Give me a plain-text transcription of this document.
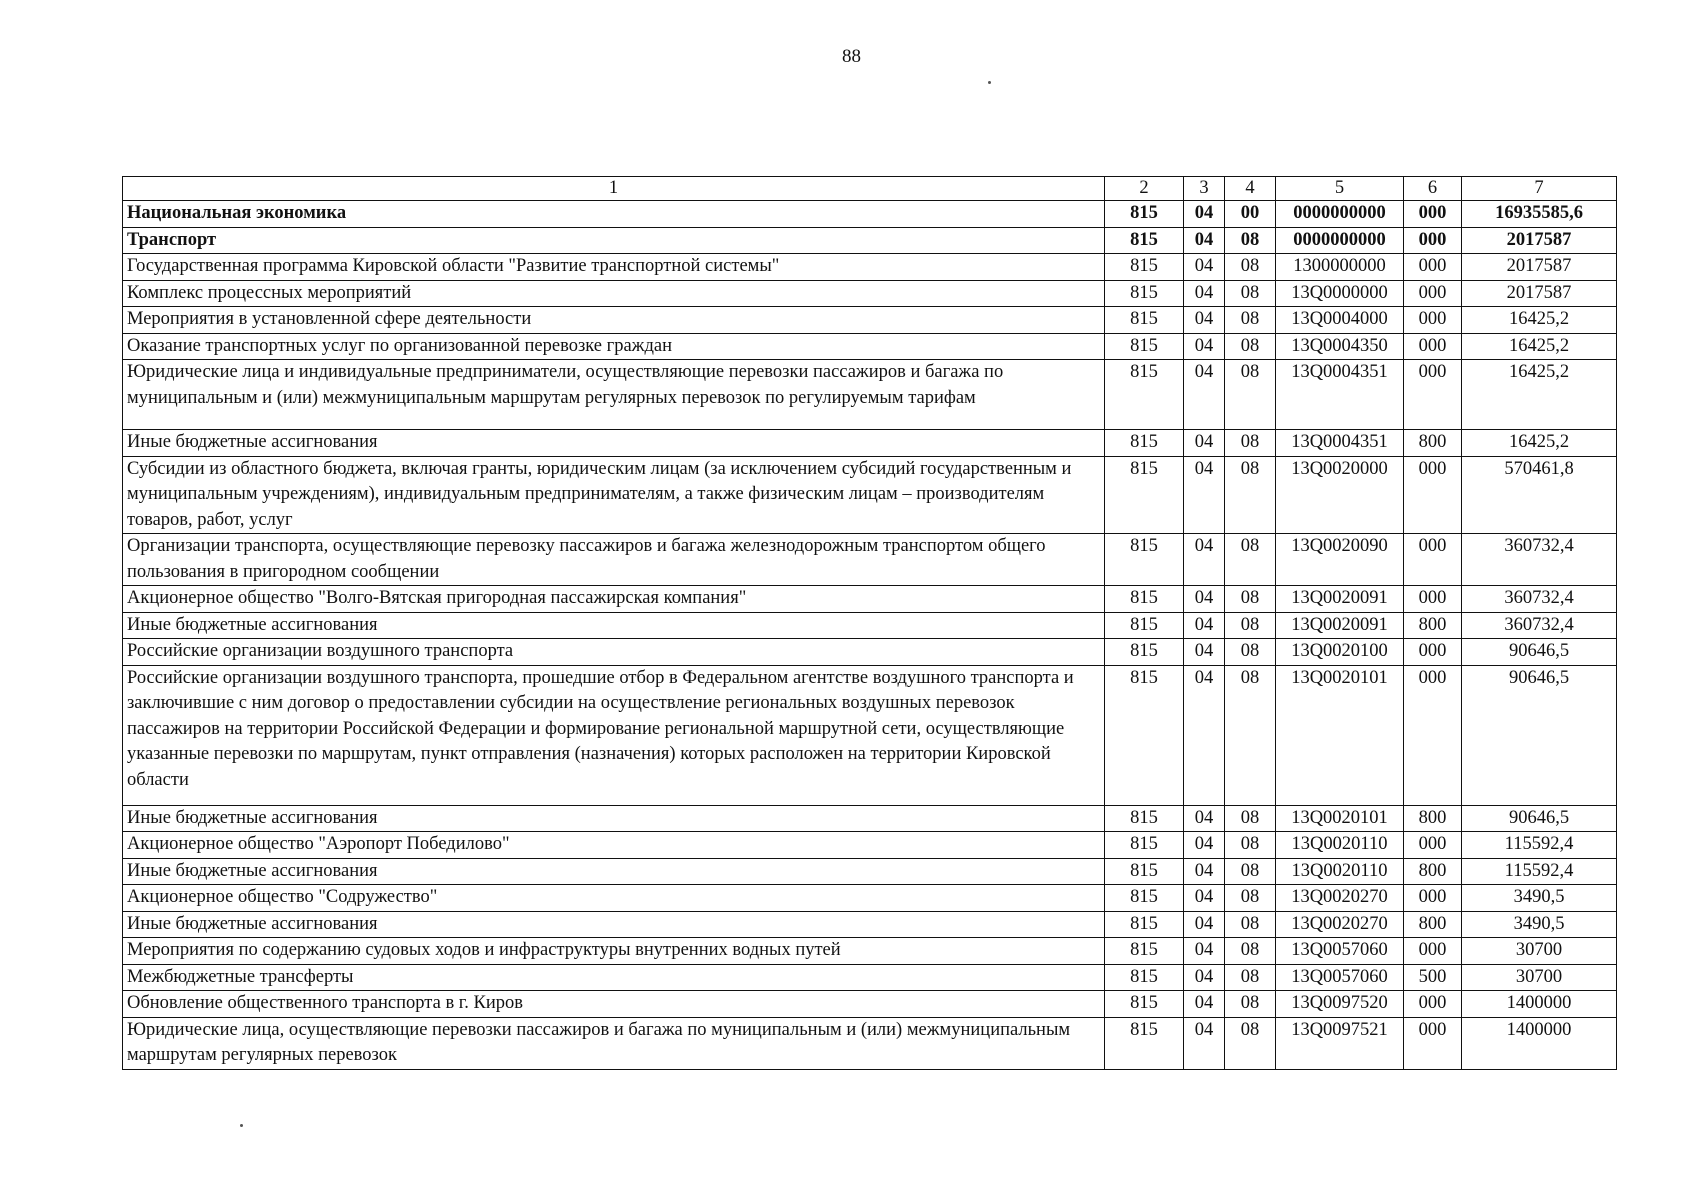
88
1	2	3	4	5	6	7
Национальная экономика	815	04	00	0000000000	000	16935585,6
Транспорт	815	04	08	0000000000	000	2017587
Государственная программа Кировской области "Развитие транспортной системы"	815	04	08	1300000000	000	2017587
Комплекс процессных мероприятий	815	04	08	13Q0000000	000	2017587
Мероприятия в установленной сфере деятельности	815	04	08	13Q0004000	000	16425,2
Оказание транспортных услуг по организованной перевозке граждан	815	04	08	13Q0004350	000	16425,2
Юридические лица и индивидуальные предприниматели, осуществляющие перевозки пассажиров и багажа по муниципальным и (или) межмуниципальным маршрутам регулярных перевозок по регулируемым тарифам	815	04	08	13Q0004351	000	16425,2
Иные бюджетные ассигнования	815	04	08	13Q0004351	800	16425,2
Субсидии из областного бюджета, включая гранты, юридическим лицам (за исключением субсидий государственным и муниципальным учреждениям), индивидуальным предпринимателям, а также физическим лицам – производителям товаров, работ, услуг	815	04	08	13Q0020000	000	570461,8
Организации транспорта, осуществляющие перевозку пассажиров и багажа железнодорожным транспортом общего пользования в пригородном сообщении	815	04	08	13Q0020090	000	360732,4
Акционерное общество "Волго-Вятская пригородная пассажирская компания"	815	04	08	13Q0020091	000	360732,4
Иные бюджетные ассигнования	815	04	08	13Q0020091	800	360732,4
Российские организации воздушного транспорта	815	04	08	13Q0020100	000	90646,5
Российские организации воздушного транспорта, прошедшие отбор в Федеральном агентстве воздушного транспорта и заключившие с ним договор о предоставлении субсидии на осуществление региональных воздушных перевозок пассажиров на территории Российской Федерации и формирование региональной маршрутной сети, осуществляющие указанные перевозки по маршрутам, пункт отправления (назначения) которых расположен на территории Кировской области	815	04	08	13Q0020101	000	90646,5
Иные бюджетные ассигнования	815	04	08	13Q0020101	800	90646,5
Акционерное общество "Аэропорт Победилово"	815	04	08	13Q0020110	000	115592,4
Иные бюджетные ассигнования	815	04	08	13Q0020110	800	115592,4
Акционерное общество "Содружество"	815	04	08	13Q0020270	000	3490,5
Иные бюджетные ассигнования	815	04	08	13Q0020270	800	3490,5
Мероприятия по содержанию судовых ходов и инфраструктуры внутренних водных путей	815	04	08	13Q0057060	000	30700
Межбюджетные трансферты	815	04	08	13Q0057060	500	30700
Обновление общественного транспорта в г. Киров	815	04	08	13Q0097520	000	1400000
Юридические лица, осуществляющие перевозки пассажиров и багажа по муниципальным и (или) межмуниципальным маршрутам регулярных перевозок	815	04	08	13Q0097521	000	1400000
